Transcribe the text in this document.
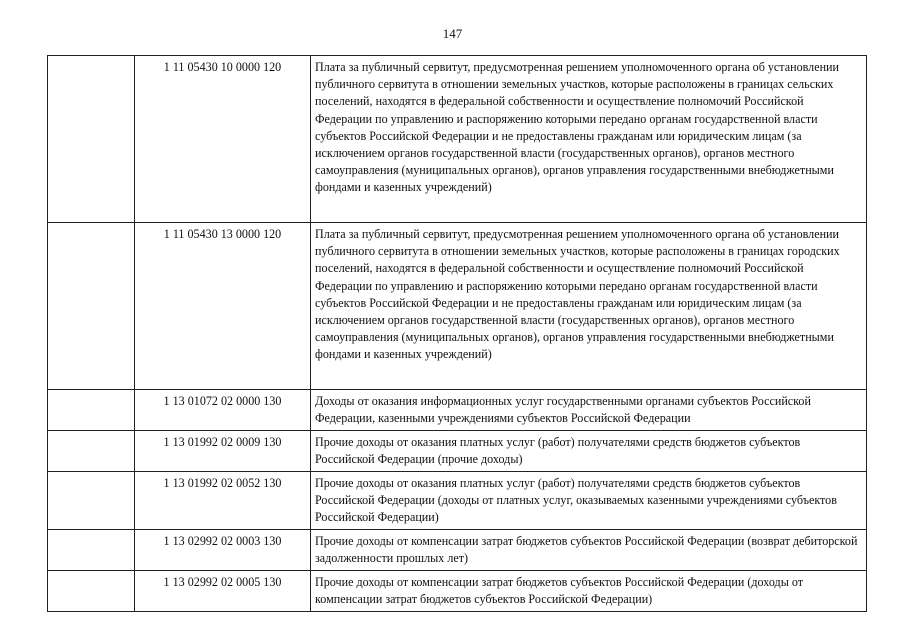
147
	1 11 05430 10 0000 120	Плата за публичный сервитут, предусмотренная решением уполномоченного органа об установлении публичного сервитута в отношении земельных участков, которые расположены в границах сельских поселений, находятся в федеральной собственности и осуществление полномочий Российской Федерации по управлению и распоряжению которыми передано органам государственной власти субъектов Российской Федерации и не предоставлены гражданам или юридическим лицам (за исключением органов государственной власти (государственных органов), органов местного самоуправления (муниципальных органов), органов управления государственными внебюджетными фондами и казенных учреждений)
	1 11 05430 13 0000 120	Плата за публичный сервитут, предусмотренная решением уполномоченного органа об установлении публичного сервитута в отношении земельных участков, которые расположены в границах городских поселений, находятся в федеральной собственности и осуществление полномочий Российской Федерации по управлению и распоряжению которыми передано органам государственной власти субъектов Российской Федерации и не предоставлены гражданам или юридическим лицам (за исключением органов государственной власти (государственных органов), органов местного самоуправления (муниципальных органов), органов управления государственными внебюджетными фондами и казенных учреждений)
	1 13 01072 02 0000 130	Доходы от оказания информационных услуг государственными органами субъектов Российской Федерации, казенными учреждениями субъектов Российской Федерации
	1 13 01992 02 0009 130	Прочие доходы от оказания платных услуг (работ) получателями средств бюджетов субъектов Российской Федерации (прочие доходы)
	1 13 01992 02 0052 130	Прочие доходы от оказания платных услуг (работ) получателями средств бюджетов субъектов Российской Федерации (доходы от платных услуг, оказываемых казенными учреждениями субъектов Российской Федерации)
	1 13 02992 02 0003 130	Прочие доходы от компенсации затрат бюджетов субъектов Российской Федерации (возврат дебиторской задолженности прошлых лет)
	1 13 02992 02 0005 130	Прочие доходы от компенсации затрат бюджетов субъектов Российской Федерации (доходы от компенсации затрат бюджетов субъектов Российской Федерации)
